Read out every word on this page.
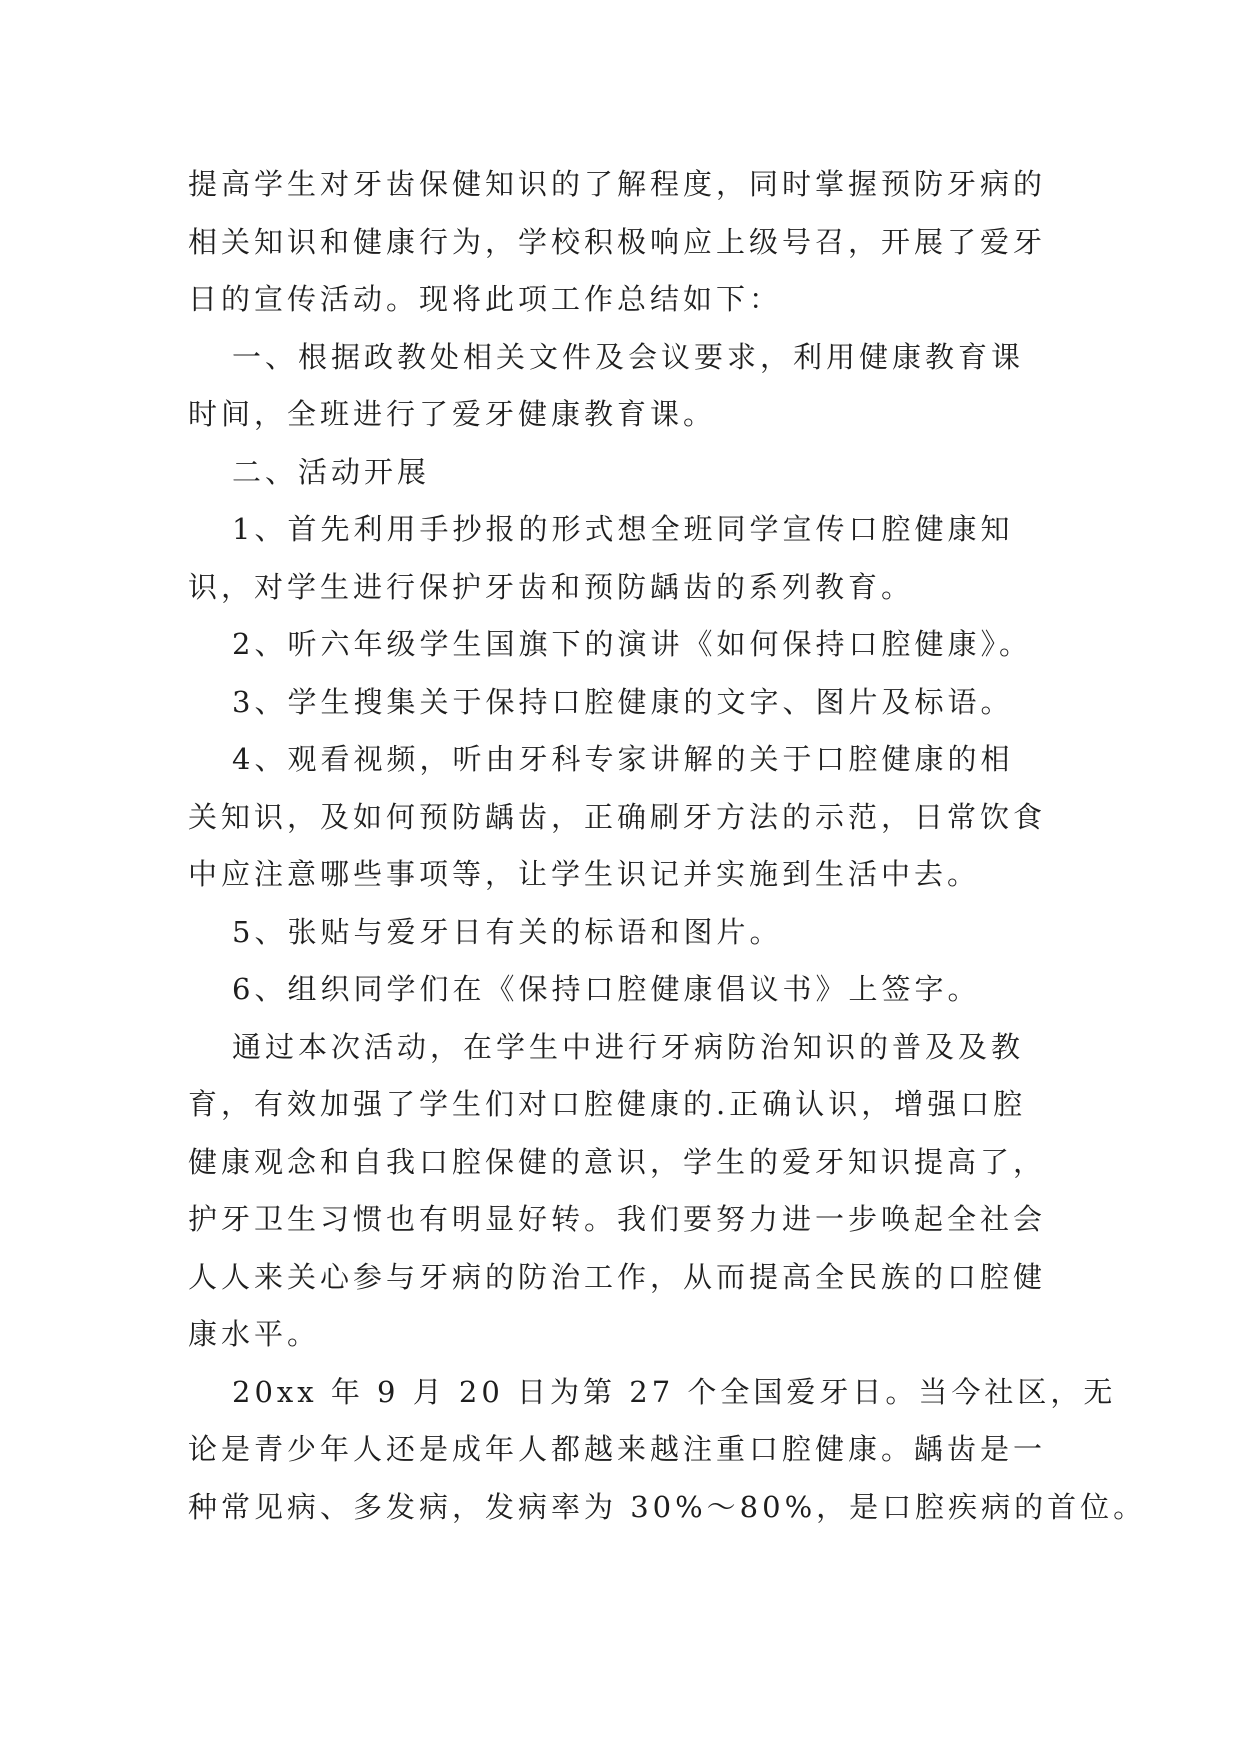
提高学生对牙齿保健知识的了解程度，同时掌握预防牙病的
相关知识和健康行为，学校积极响应上级号召，开展了爱牙
日的宣传活动。现将此项工作总结如下：
一、根据政教处相关文件及会议要求，利用健康教育课
时间，全班进行了爱牙健康教育课。
二、活动开展
1、首先利用手抄报的形式想全班同学宣传口腔健康知
识，对学生进行保护牙齿和预防龋齿的系列教育。
2、听六年级学生国旗下的演讲《如何保持口腔健康》。
3、学生搜集关于保持口腔健康的文字、图片及标语。
4、观看视频，听由牙科专家讲解的关于口腔健康的相
关知识，及如何预防龋齿，正确刷牙方法的示范，日常饮食
中应注意哪些事项等，让学生识记并实施到生活中去。
5、张贴与爱牙日有关的标语和图片。
6、组织同学们在《保持口腔健康倡议书》上签字。
通过本次活动，在学生中进行牙病防治知识的普及及教
育，有效加强了学生们对口腔健康的.正确认识，增强口腔
健康观念和自我口腔保健的意识，学生的爱牙知识提高了，
护牙卫生习惯也有明显好转。我们要努力进一步唤起全社会
人人来关心参与牙病的防治工作，从而提高全民族的口腔健
康水平。
20xx 年 9 月 20 日为第 27 个全国爱牙日。当今社区，无
论是青少年人还是成年人都越来越注重口腔健康。龋齿是一
种常见病、多发病，发病率为 30%～80%，是口腔疾病的首位。
